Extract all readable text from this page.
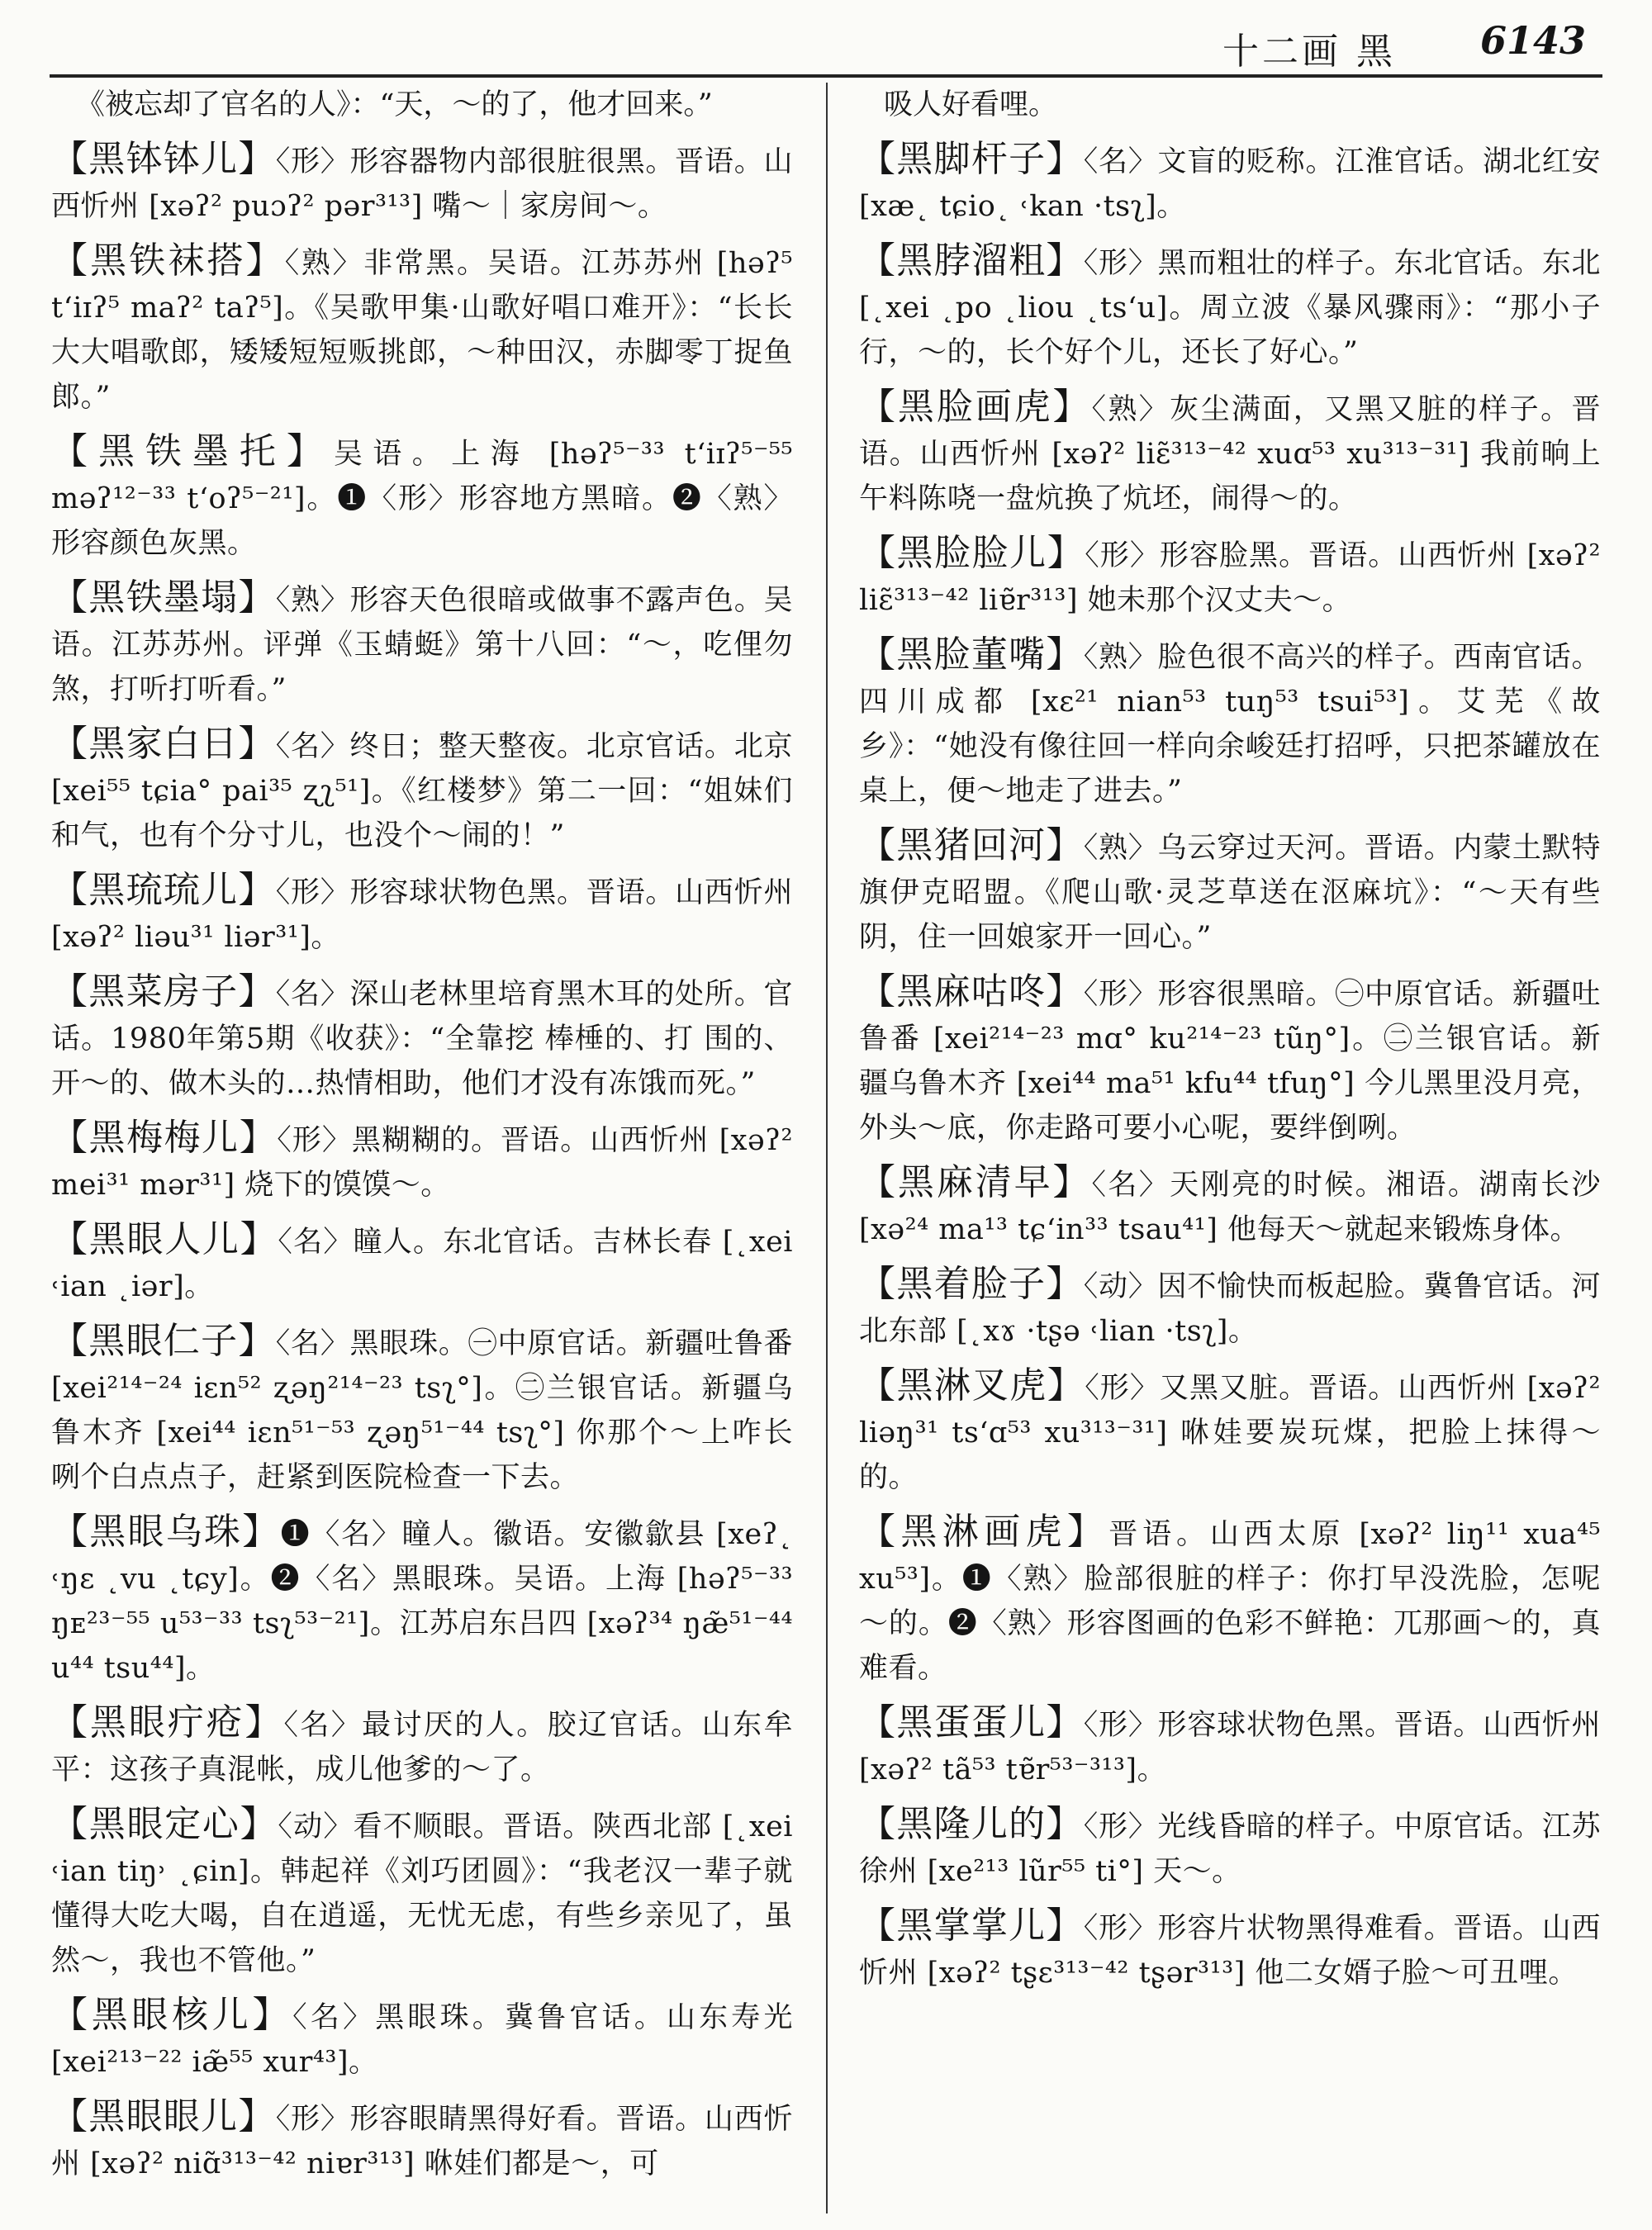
十二画 黑 6143

《被忘却了官名的人》：“天，～的了，他才回来。”

【黑钵钵儿】〈形〉形容器物内部很脏很黑。晋语。山西忻州 [xəʔ² puɔʔ² pər³¹³] 嘴～｜家房间～。

【黑铁袜搭】〈熟〉非常黑。吴语。江苏苏州 [həʔ⁵ t‘iɪʔ⁵ maʔ² taʔ⁵]。《吴歌甲集·山歌好唱口难开》：“长长大大唱歌郎，矮矮短短贩挑郎，～种田汉，赤脚零丁捉鱼郎。”

【黑铁墨托】吴语。上海 [həʔ⁵⁻³³ t‘iɪʔ⁵⁻⁵⁵ məʔ¹²⁻³³ t‘oʔ⁵⁻²¹]。❶〈形〉形容地方黑暗。❷〈熟〉形容颜色灰黑。

【黑铁墨塌】〈熟〉形容天色很暗或做事不露声色。吴语。江苏苏州。评弹《玉蜻蜓》第十八回：“～，吃俚勿煞，打听打听看。”

【黑家白日】〈名〉终日；整天整夜。北京官话。北京 [xei⁵⁵ tɕia° pai³⁵ ʐʅ⁵¹]。《红楼梦》第二一回：“姐妹们和气，也有个分寸儿，也没个～闹的！”

【黑琉琉儿】〈形〉形容球状物色黑。晋语。山西忻州 [xəʔ² liəu³¹ liər³¹]。

【黑菜房子】〈名〉深山老林里培育黑木耳的处所。官话。1980年第5期《收获》：“全靠挖 棒棰的、打 围的、开～的、做木头的…热情相助，他们才没有冻饿而死。”

【黑梅梅儿】〈形〉黑糊糊的。晋语。山西忻州 [xəʔ² mei³¹ mər³¹] 烧下的馍馍～。

【黑眼人儿】〈名〉瞳人。东北官话。吉林长春 [˛xei ˓ian ˛iər]。

【黑眼仁子】〈名〉黑眼珠。㊀中原官话。新疆吐鲁番 [xei²¹⁴⁻²⁴ iɛn⁵² ʐəŋ²¹⁴⁻²³ tsʅ°]。㊁兰银官话。新疆乌鲁木齐 [xei⁴⁴ iɛn⁵¹⁻⁵³ ʐəŋ⁵¹⁻⁴⁴ tsʅ°] 你那个～上咋长咧个白点点子，赶紧到医院检查一下去。

【黑眼乌珠】❶〈名〉瞳人。徽语。安徽歙县 [xeʔ˛ ˓ŋɛ ˛vu ˛tɕy]。❷〈名〉黑眼珠。吴语。上海 [həʔ⁵⁻³³ ŋᴇ²³⁻⁵⁵ u⁵³⁻³³ tsʅ⁵³⁻²¹]。江苏启东吕四 [xəʔ³⁴ ŋæ̃⁵¹⁻⁴⁴ u⁴⁴ tsu⁴⁴]。

【黑眼疔疮】〈名〉最讨厌的人。胶辽官话。山东牟平：这孩子真混帐，成儿他爹的～了。

【黑眼定心】〈动〉看不顺眼。晋语。陕西北部 [˛xei ˓ian tiŋ˒ ˛ɕin]。韩起祥《刘巧团圆》：“我老汉一辈子就懂得大吃大喝，自在逍遥，无忧无虑，有些乡亲见了，虽然～，我也不管他。”

【黑眼核儿】〈名〉黑眼珠。冀鲁官话。山东寿光 [xei²¹³⁻²² iæ̃⁵⁵ xur⁴³]。

【黑眼眼儿】〈形〉形容眼睛黑得好看。晋语。山西忻州 [xəʔ² niɑ̃³¹³⁻⁴² niɐr³¹³] 咻娃们都是～，可

吸人好看哩。

【黑脚杆子】〈名〉文盲的贬称。江淮官话。湖北红安 [xæ˛ tɕio˛ ˓kan ·tsʅ]。

【黑脖溜粗】〈形〉黑而粗壮的样子。东北官话。东北 [˛xei ˛po ˛liou ˛ts‘u]。周立波《暴风骤雨》：“那小子行，～的，长个好个儿，还长了好心。”

【黑脸画虎】〈熟〉灰尘满面，又黑又脏的样子。晋语。山西忻州 [xəʔ² liɛ̃³¹³⁻⁴² xuɑ⁵³ xu³¹³⁻³¹] 我前晌上午料陈哓一盘炕换了炕坯，闹得～的。

【黑脸脸儿】〈形〉形容脸黑。晋语。山西忻州 [xəʔ² liɛ̃³¹³⁻⁴² liɐ̃r³¹³] 她未那个汉丈夫～。

【黑脸董嘴】〈熟〉脸色很不高兴的样子。西南官话。四川成都 [xɛ²¹ nian⁵³ tuŋ⁵³ tsui⁵³]。艾芜《故乡》：“她没有像往回一样向余峻廷打招呼，只把茶罐放在桌上，便～地走了进去。”

【黑猪回河】〈熟〉乌云穿过天河。晋语。内蒙土默特旗伊克昭盟。《爬山歌·灵芝草送在沤麻坑》：“～天有些阴，住一回娘家开一回心。”

【黑麻咕咚】〈形〉形容很黑暗。㊀中原官话。新疆吐鲁番 [xei²¹⁴⁻²³ mɑ° ku²¹⁴⁻²³ tũŋ°]。㊁兰银官话。新疆乌鲁木齐 [xei⁴⁴ ma⁵¹ kfu⁴⁴ tfuŋ°] 今儿黑里没月亮，外头～底，你走路可要小心呢，要绊倒咧。

【黑麻清早】〈名〉天刚亮的时候。湘语。湖南长沙 [xə²⁴ ma¹³ tɕ‘in³³ tsau⁴¹] 他每天～就起来锻炼身体。

【黑着脸子】〈动〉因不愉快而板起脸。冀鲁官话。河北东部 [˛xɤ ·tʂə ˓lian ·tsʅ]。

【黑淋叉虎】〈形〉又黑又脏。晋语。山西忻州 [xəʔ² liəŋ³¹ ts‘ɑ⁵³ xu³¹³⁻³¹] 咻娃要炭玩煤，把脸上抹得～的。

【黑淋画虎】晋语。山西太原 [xəʔ² liŋ¹¹ xua⁴⁵ xu⁵³]。❶〈熟〉脸部很脏的样子：你打早没洗脸，怎呢～的。❷〈熟〉形容图画的色彩不鲜艳：兀那画～的，真难看。

【黑蛋蛋儿】〈形〉形容球状物色黑。晋语。山西忻州 [xəʔ² tã⁵³ tɐ̃r⁵³⁻³¹³]。

【黑隆儿的】〈形〉光线昏暗的样子。中原官话。江苏徐州 [xe²¹³ lũr⁵⁵ ti°] 天～。

【黑掌掌儿】〈形〉形容片状物黑得难看。晋语。山西忻州 [xəʔ² tʂɛ³¹³⁻⁴² tʂər³¹³] 他二女婿子脸～可丑哩。
